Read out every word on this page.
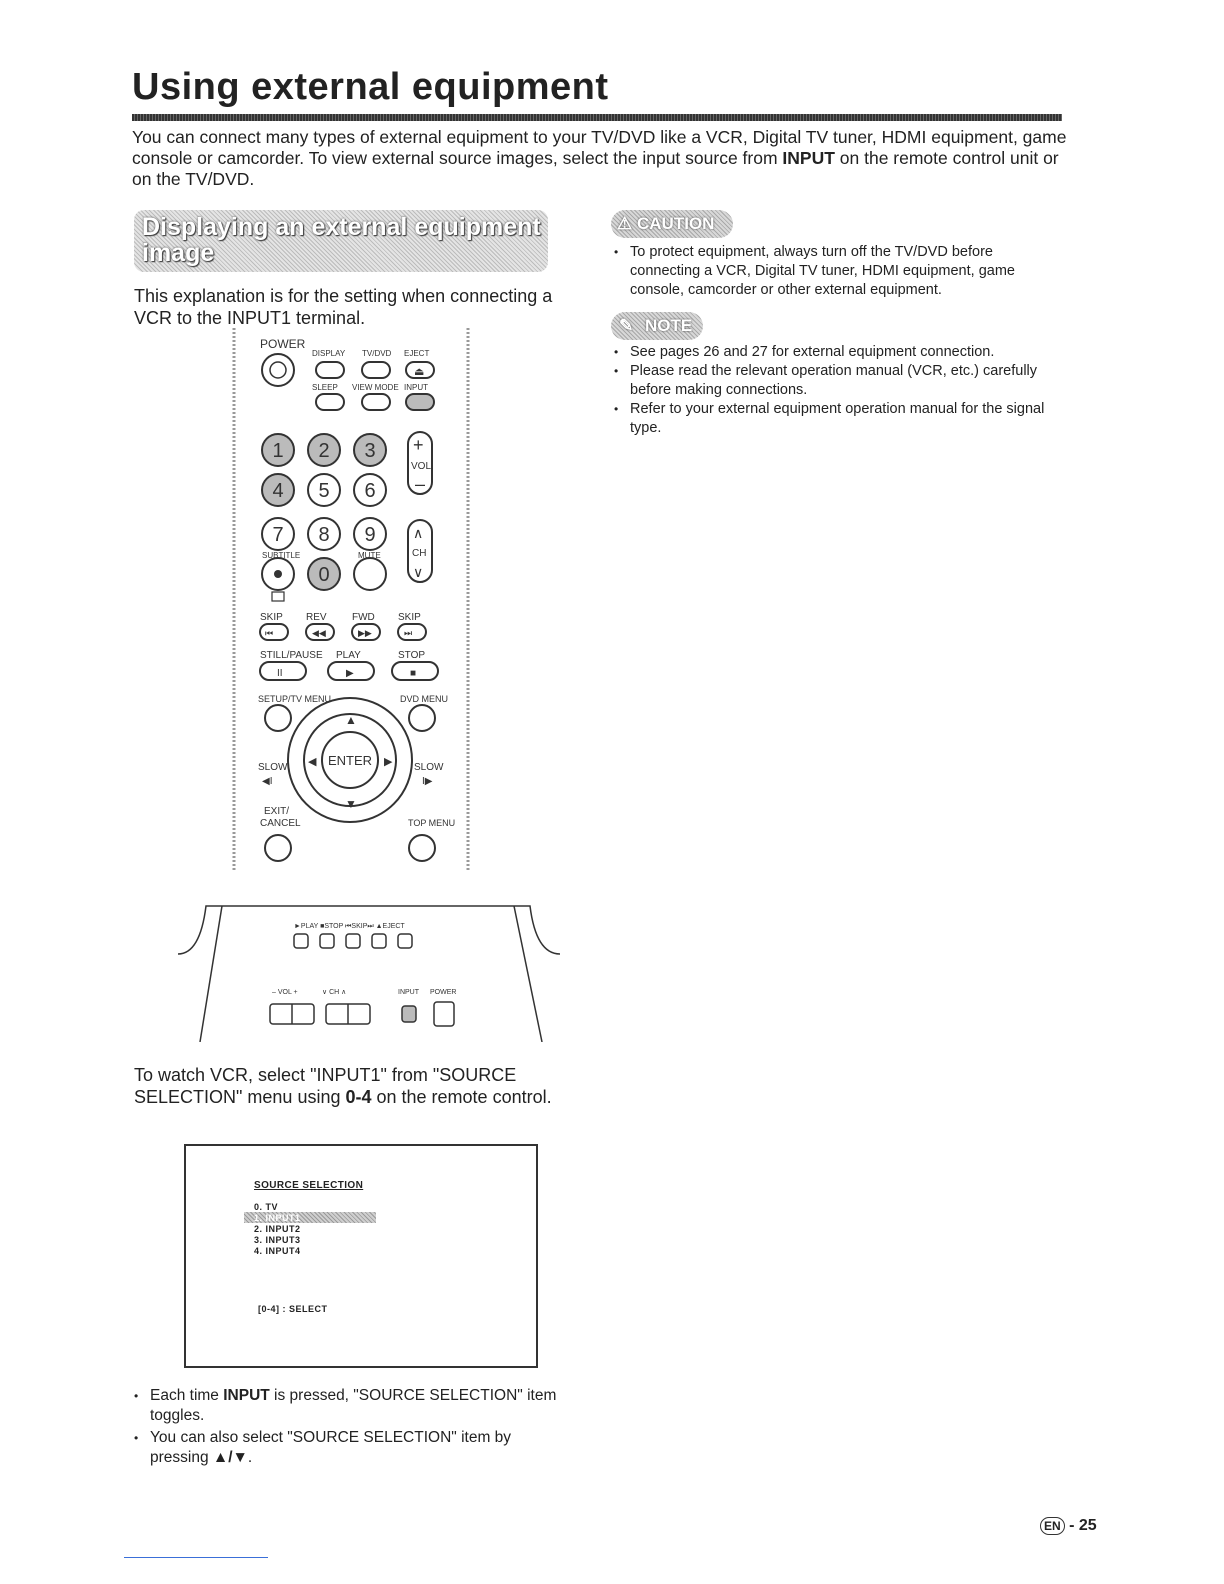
Using external equipment
You can connect many types of external equipment to your TV/DVD like a VCR, Digital TV tuner, HDMI equipment, game console or camcorder. To view external source images, select the input source from INPUT on the remote control unit or on the TV/DVD.
Displaying an external equipment image
This explanation is for the setting when connecting a VCR to the INPUT1 terminal.
POWER
DISPLAY TV/DVD EJECT
⏏
SLEEP VIEW MODE INPUT
1 2 3
4 5 6
7 8 9
0
+
VOL
–
∧
CH
∨
SUBTITLE	MUTE
SKIP REV	FWD SKIP
⏮	◀◀	▶▶	⏭
STILL/PAUSE PLAY	STOP
II	▶	■
SETUP/TV MENU	DVD MENU
ENTER
▲
▼
◀	▶
SLOW	SLOW
◀I	I▶
EXIT/
CANCEL	TOP MENU
►PLAY ■STOP ⏮SKIP⏭ ▲EJECT
– VOL +	∨ CH ∧	INPUT POWER
To watch VCR, select "INPUT1" from "SOURCE SELECTION" menu using 0-4 on the remote control.
SOURCE SELECTION
0. TV
1. INPUT1
2. INPUT2
3. INPUT3
4. INPUT4
[0-4] : SELECT

• Each time INPUT is pressed, "SOURCE SELECTION" item toggles.

• You can also select "SOURCE SELECTION" item by pressing ▲/▼.

⚠ CAUTION

• To protect equipment, always turn off the TV/DVD before connecting a VCR, Digital TV tuner, HDMI equipment, game console, camcorder or other external equipment.

✎ NOTE

• See pages 26 and 27 for external equipment connection.

• Please read the relevant operation manual (VCR, etc.) carefully before making connections.

• Refer to your external equipment operation manual for the signal type.

EN - 25
